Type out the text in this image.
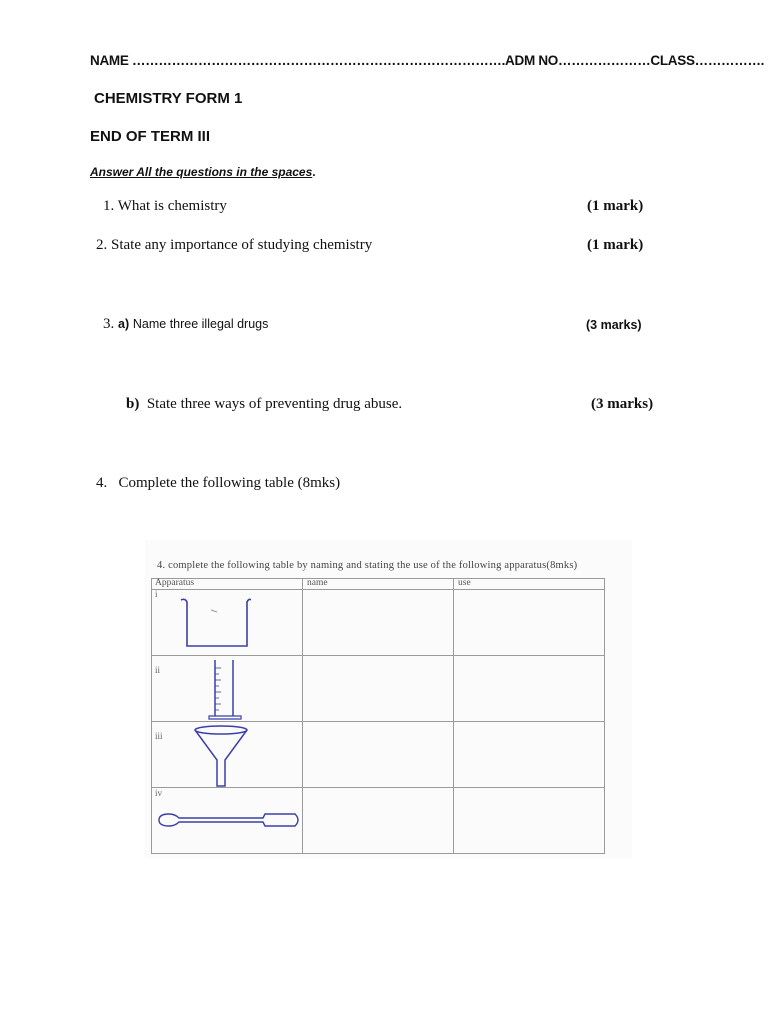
NAME ………………………………………………………………………….ADM NO…………………CLASS…………….
CHEMISTRY FORM 1
END OF TERM III
Answer All the questions in the spaces.
1. What is chemistry	(1 mark)
2. State any importance of studying chemistry	(1 mark)
3. a) Name three illegal drugs	(3 marks)
b) State three ways of preventing drug abuse.	(3 marks)
4. Complete the following table (8mks)
4. complete the following table by naming and stating the use of the following apparatus(8mks)
Apparatus	name	use
i
ii
iii
iv
